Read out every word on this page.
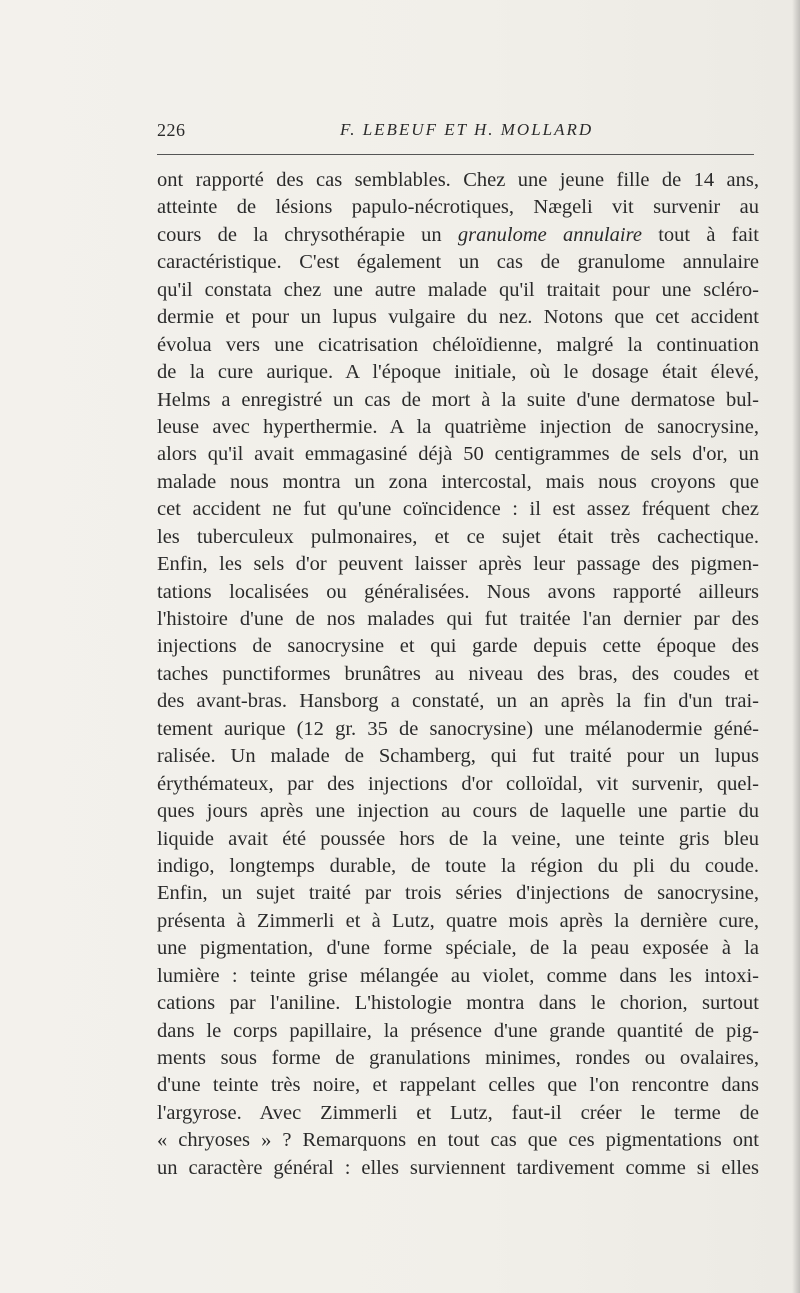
226	F. LEBEUF ET H. MOLLARD
ont rapporté des cas semblables. Chez une jeune fille de 14 ans,
atteinte de lésions papulo-nécrotiques, Nægeli vit survenir au
cours de la chrysothérapie un granulome annulaire tout à fait
caractéristique. C'est également un cas de granulome annulaire
qu'il constata chez une autre malade qu'il traitait pour une scléro-
dermie et pour un lupus vulgaire du nez. Notons que cet accident
évolua vers une cicatrisation chéloïdienne, malgré la continuation
de la cure aurique. A l'époque initiale, où le dosage était élevé,
Helms a enregistré un cas de mort à la suite d'une dermatose bul-
leuse avec hyperthermie. A la quatrième injection de sanocrysine,
alors qu'il avait emmagasiné déjà 50 centigrammes de sels d'or, un
malade nous montra un zona intercostal, mais nous croyons que
cet accident ne fut qu'une coïncidence : il est assez fréquent chez
les tuberculeux pulmonaires, et ce sujet était très cachectique.
Enfin, les sels d'or peuvent laisser après leur passage des pigmen-
tations localisées ou généralisées. Nous avons rapporté ailleurs
l'histoire d'une de nos malades qui fut traitée l'an dernier par des
injections de sanocrysine et qui garde depuis cette époque des
taches punctiformes brunâtres au niveau des bras, des coudes et
des avant-bras. Hansborg a constaté, un an après la fin d'un trai-
tement aurique (12 gr. 35 de sanocrysine) une mélanodermie géné-
ralisée. Un malade de Schamberg, qui fut traité pour un lupus
érythémateux, par des injections d'or colloïdal, vit survenir, quel-
ques jours après une injection au cours de laquelle une partie du
liquide avait été poussée hors de la veine, une teinte gris bleu
indigo, longtemps durable, de toute la région du pli du coude.
Enfin, un sujet traité par trois séries d'injections de sanocrysine,
présenta à Zimmerli et à Lutz, quatre mois après la dernière cure,
une pigmentation, d'une forme spéciale, de la peau exposée à la
lumière : teinte grise mélangée au violet, comme dans les intoxi-
cations par l'aniline. L'histologie montra dans le chorion, surtout
dans le corps papillaire, la présence d'une grande quantité de pig-
ments sous forme de granulations minimes, rondes ou ovalaires,
d'une teinte très noire, et rappelant celles que l'on rencontre dans
l'argyrose. Avec Zimmerli et Lutz, faut-il créer le terme de
« chryoses » ? Remarquons en tout cas que ces pigmentations ont
un caractère général : elles surviennent tardivement comme si elles
